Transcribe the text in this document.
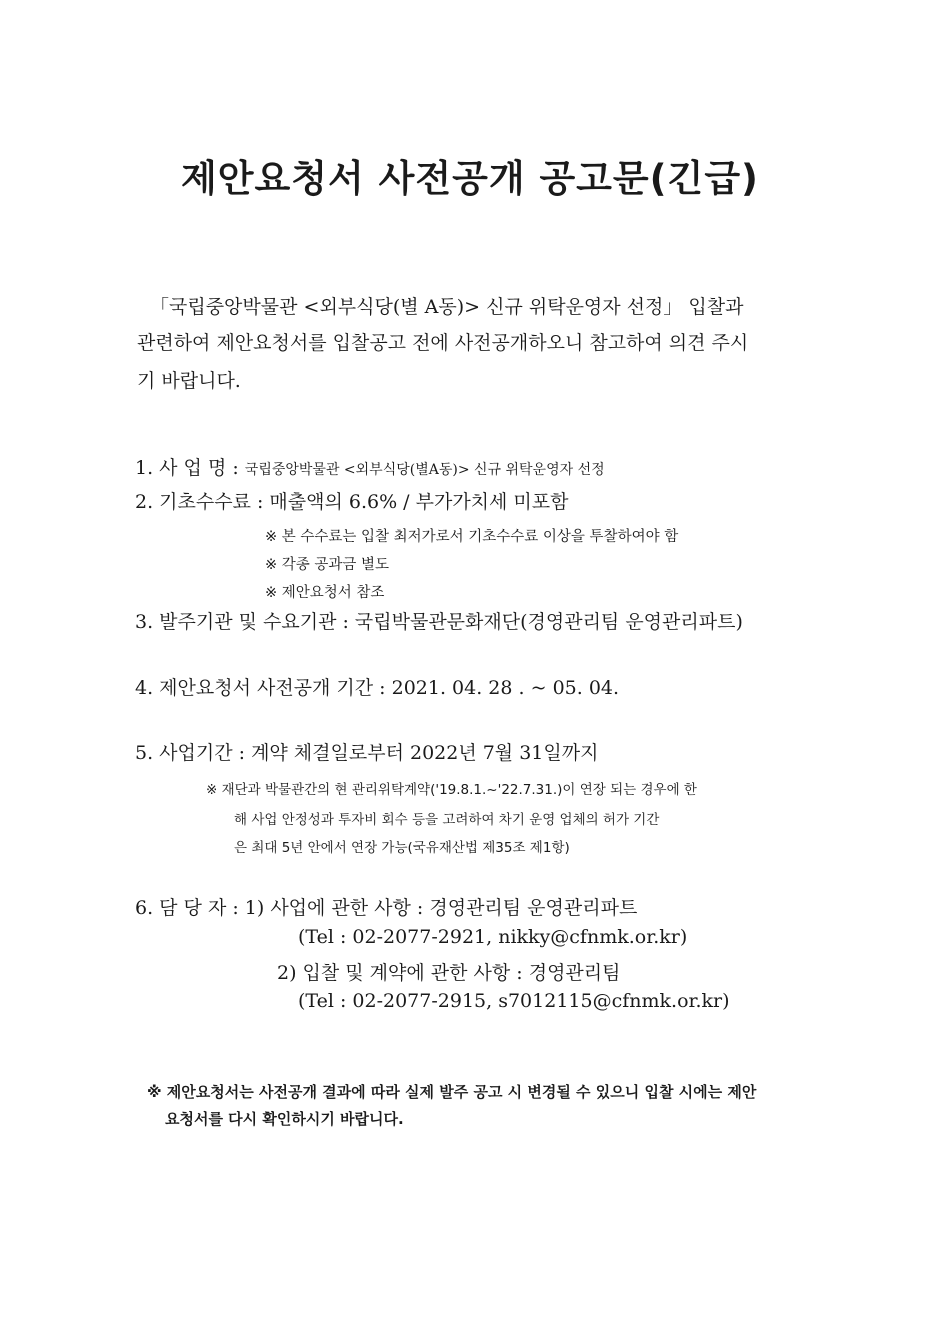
제안요청서 사전공개 공고문(긴급)
「국립중앙박물관 <외부식당(별 A동)> 신규 위탁운영자 선정」 입찰과
관련하여 제안요청서를 입찰공고 전에 사전공개하오니 참고하여 의견 주시
기 바랍니다.
1. 사 업 명 : 국립중앙박물관 <외부식당(별A동)> 신규 위탁운영자 선정
2. 기초수수료 : 매출액의 6.6% / 부가가치세 미포함
※ 본 수수료는 입찰 최저가로서 기초수수료 이상을 투찰하여야 함
※ 각종 공과금 별도
※ 제안요청서 참조
3. 발주기관 및 수요기관 : 국립박물관문화재단(경영관리팀 운영관리파트)
4. 제안요청서 사전공개 기간 : 2021. 04. 28 . ~ 05. 04.
5. 사업기간 : 계약 체결일로부터 2022년 7월 31일까지
※ 재단과 박물관간의 현 관리위탁계약('19.8.1.~'22.7.31.)이 연장 되는 경우에 한
해 사업 안정성과 투자비 회수 등을 고려하여 차기 운영 업체의 허가 기간
은 최대 5년 안에서 연장 가능(국유재산법 제35조 제1항)
6. 담 당 자 : 1) 사업에 관한 사항 : 경영관리팀 운영관리파트
(Tel : 02-2077-2921, nikky@cfnmk.or.kr)
2) 입찰 및 계약에 관한 사항 : 경영관리팀
(Tel : 02-2077-2915, s7012115@cfnmk.or.kr)
※ 제안요청서는 사전공개 결과에 따라 실제 발주 공고 시 변경될 수 있으니 입찰 시에는 제안
요청서를 다시 확인하시기 바랍니다.
